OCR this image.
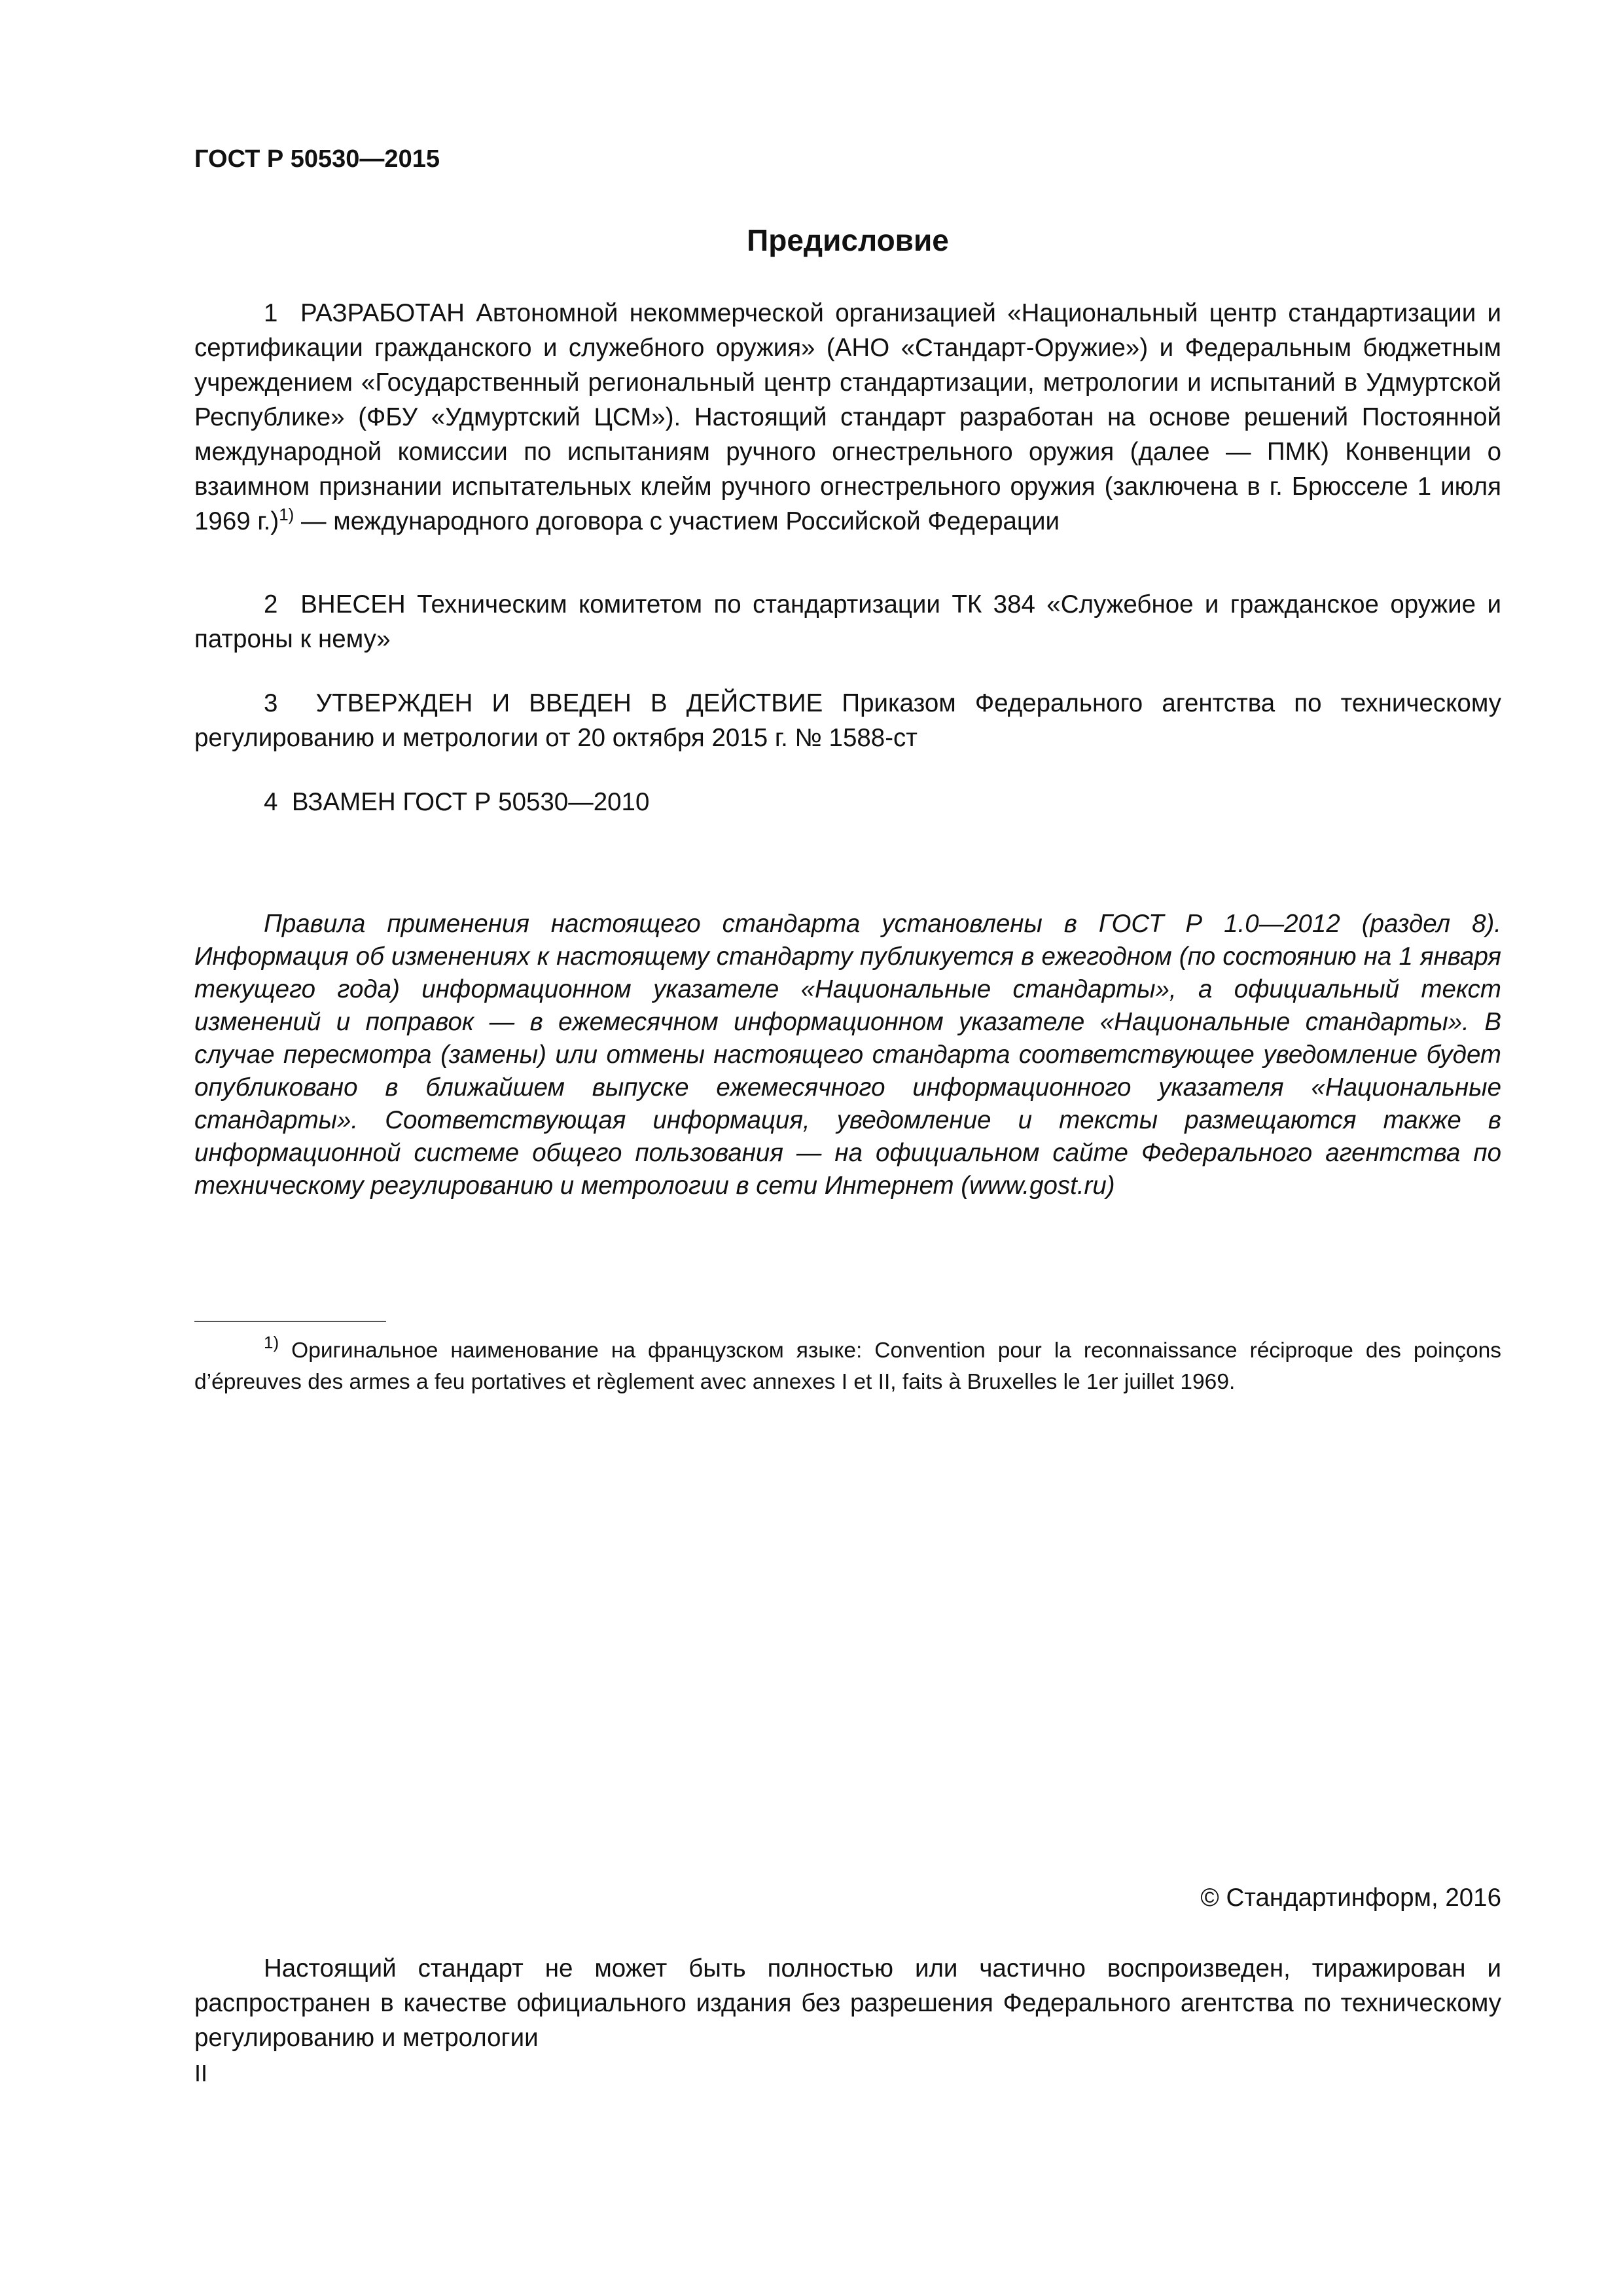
ГОСТ Р 50530—2015
Предисловие

1 РАЗРАБОТАН Автономной некоммерческой организацией «Национальный центр стандартизации и сертификации гражданского и служебного оружия» (АНО «Стандарт-Оружие») и Федеральным бюджетным учреждением «Государственный региональный центр стандартизации, метрологии и испытаний в Удмуртской Республике» (ФБУ «Удмуртский ЦСМ»). Настоящий стандарт разработан на основе решений Постоянной международной комиссии по испытаниям ручного огнестрельного оружия (далее — ПМК) Конвенции о взаимном признании испытательных клейм ручного огнестрельного оружия (заключена в г. Брюсселе 1 июля 1969 г.)$^{1)}$ — международного договора с участием Российской Федерации

2 ВНЕСЕН Техническим комитетом по стандартизации ТК 384 «Служебное и гражданское оружие и патроны к нему»

3 УТВЕРЖДЕН И ВВЕДЕН В ДЕЙСТВИЕ Приказом Федерального агентства по техническому регулированию и метрологии от 20 октября 2015 г. № 1588-ст

4 ВЗАМЕН ГОСТ Р 50530—2010

Правила применения настоящего стандарта установлены в ГОСТ Р 1.0—2012 (раздел 8). Информация об изменениях к настоящему стандарту публикуется в ежегодном (по состоянию на 1 января текущего года) информационном указателе «Национальные стандарты», а официальный текст изменений и поправок — в ежемесячном информационном указателе «Национальные стандарты». В случае пересмотра (замены) или отмены настоящего стандарта соответствующее уведомление будет опубликовано в ближайшем выпуске ежемесячного информационного указателя «Национальные стандарты». Соответствующая информация, уведомление и тексты размещаются также в информационной системе общего пользования — на официальном сайте Федерального агентства по техническому регулированию и метрологии в сети Интернет (www.gost.ru)

$^{1)}$ Оригинальное наименование на французском языке: Convention pour la reconnaissance réciproque des poinçons d’épreuves des armes a feu portatives et règlement avec annexes I et II, faits à Bruxelles le 1er juillet 1969.

© Стандартинформ, 2016

Настоящий стандарт не может быть полностью или частично воспроизведен, тиражирован и распространен в качестве официального издания без разрешения Федерального агентства по техническому регулированию и метрологии

II
